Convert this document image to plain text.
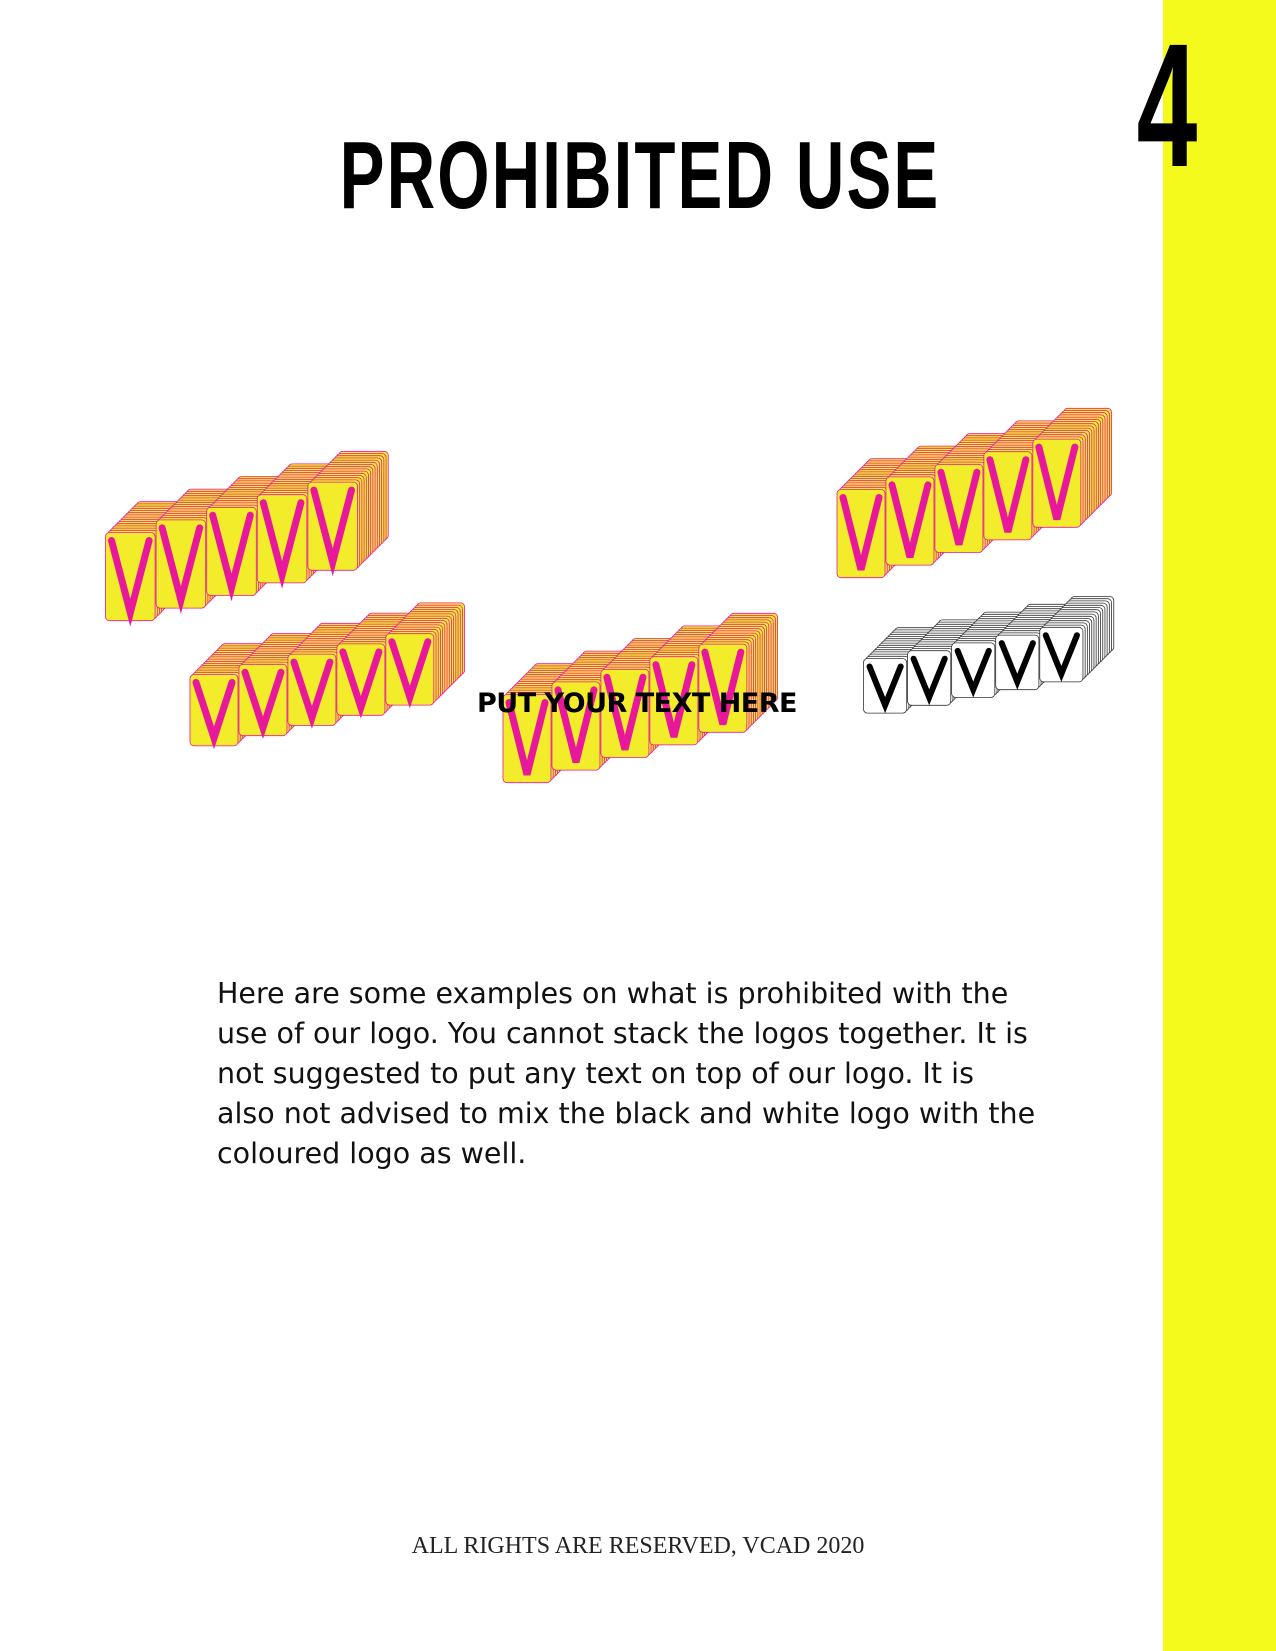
4
PROHIBITED USE
PUT YOUR TEXT HERE

Here are some examples on what is prohibited with the use of our logo. You cannot stack the logos together. It is not suggested to put any text on top of our logo. It is also not advised to mix the black and white logo with the coloured logo as well.

ALL RIGHTS ARE RESERVED, VCAD 2020
